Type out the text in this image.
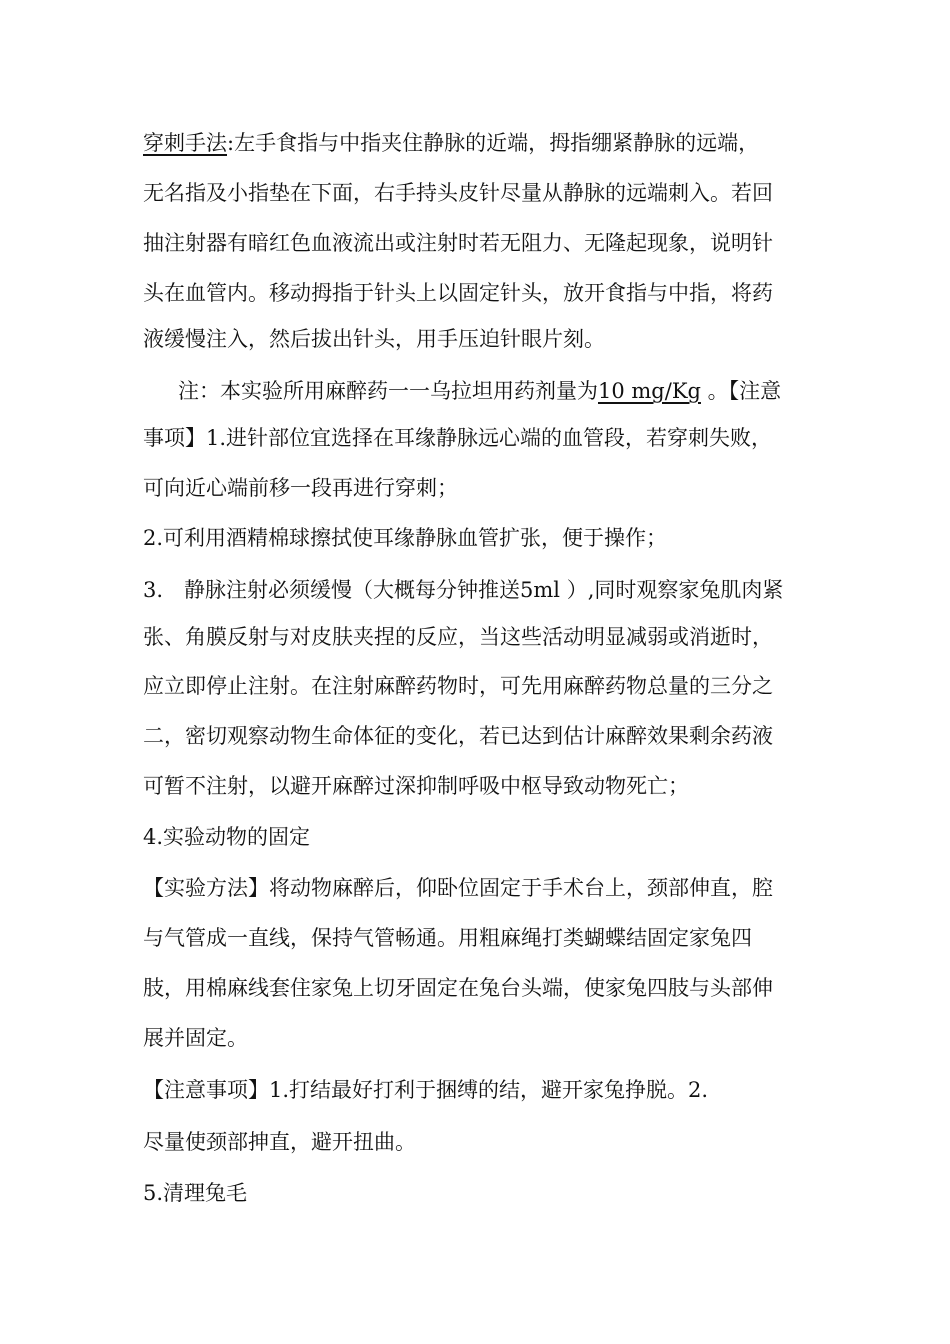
穿刺手法:左手食指与中指夹住静脉的近端，拇指绷紧静脉的远端，
无名指及小指垫在下面，右手持头皮针尽量从静脉的远端刺入。若回
抽注射器有暗红色血液流出或注射时若无阻力、无隆起现象，说明针
头在血管内。移动拇指于针头上以固定针头，放开食指与中指，将药
液缓慢注入，然后拔出针头，用手压迫针眼片刻。
注：本实验所用麻醉药一一乌拉坦用药剂量为10 mg/Kg 。【注意
事项】1.进针部位宜选择在耳缘静脉远心端的血管段，若穿刺失败，
可向近心端前移一段再进行穿刺；
2.可利用酒精棉球擦拭使耳缘静脉血管扩张，便于操作；
3.　静脉注射必须缓慢（大概每分钟推送5ml ）,同时观察家兔肌肉紧
张、角膜反射与对皮肤夹捏的反应，当这些活动明显减弱或消逝时，
应立即停止注射。在注射麻醉药物时，可先用麻醉药物总量的三分之
二，密切观察动物生命体征的变化，若已达到估计麻醉效果剩余药液
可暂不注射，以避开麻醉过深抑制呼吸中枢导致动物死亡；
4.实验动物的固定
【实验方法】将动物麻醉后，仰卧位固定于手术台上，颈部伸直，腔
与气管成一直线，保持气管畅通。用粗麻绳打类蝴蝶结固定家兔四
肢，用棉麻线套住家兔上切牙固定在兔台头端，使家兔四肢与头部伸
展并固定。
【注意事项】1.打结最好打利于捆缚的结，避开家兔挣脱。2.
尽量使颈部抻直，避开扭曲。
5.清理兔毛
